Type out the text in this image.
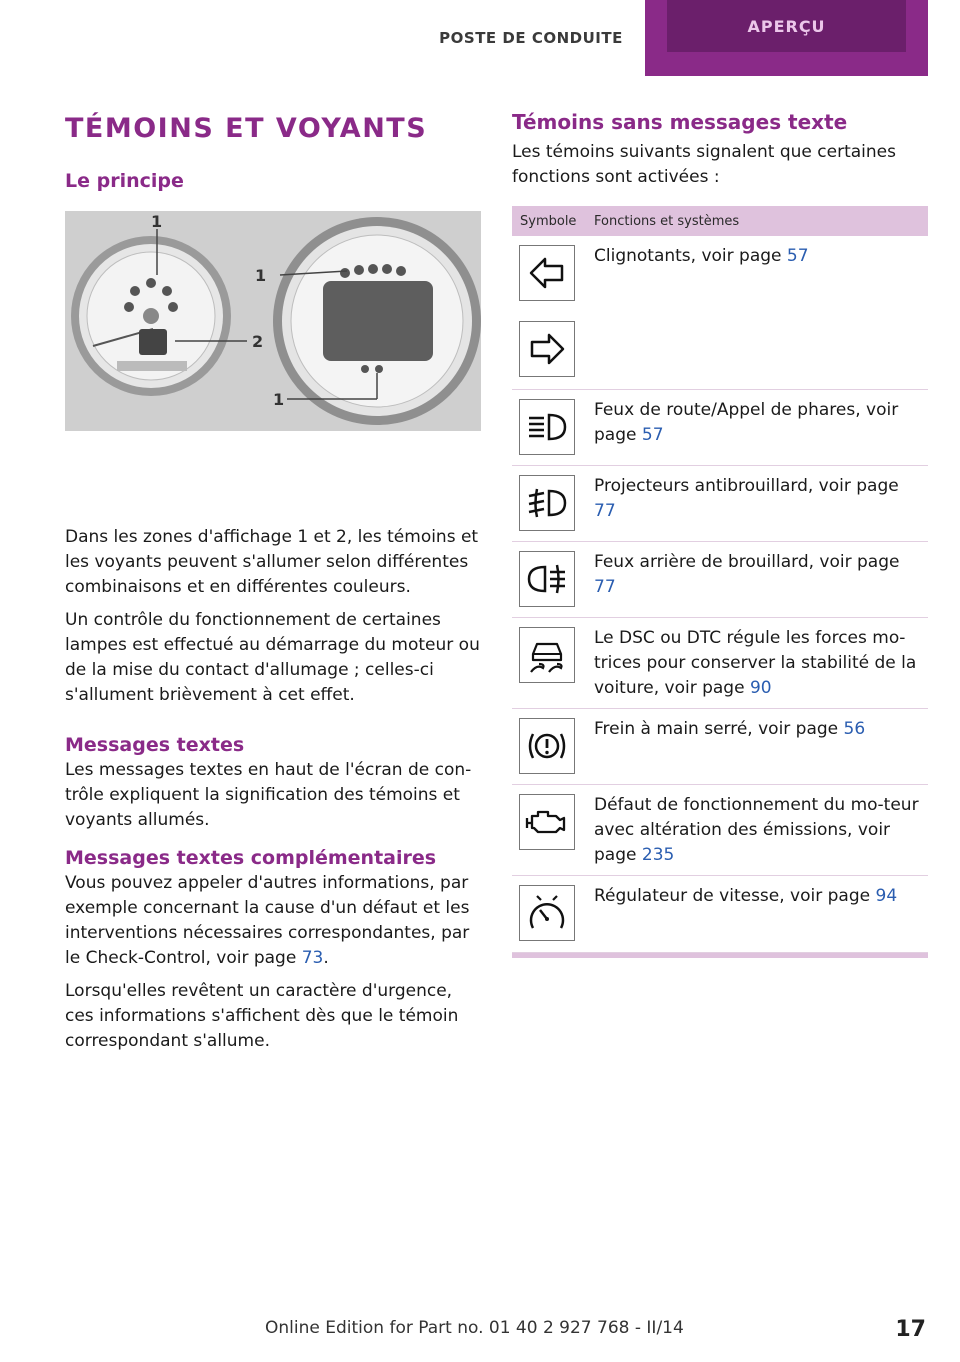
POSTE DE CONDUITE
APERÇU
TÉMOINS ET VOYANTS
Le principe
1
1
2
1

Dans les zones d'affichage 1 et 2, les témoins et les voyants peuvent s'allumer selon différentes combinaisons et en différentes couleurs.

Un contrôle du fonctionnement de certaines lampes est effectué au démarrage du moteur ou de la mise du contact d'allumage ; celles-ci s'allument brièvement à cet effet.

Messages textes

Les messages textes en haut de l'écran de con‐trôle expliquent la signification des témoins et voyants allumés.

Messages textes complémentaires

Vous pouvez appeler d'autres informations, par exemple concernant la cause d'un défaut et les interventions nécessaires correspondantes, par le Check-Control, voir page 73.

Lorsqu'elles revêtent un caractère d'urgence, ces informations s'affichent dès que le témoin correspondant s'allume.

Témoins sans messages texte

Les témoins suivants signalent que certaines fonctions sont activées :

Symbole	Fonctions et systèmes

	Clignotants, voir page 57

	Feux de route/Appel de phares, voir page 57

	Projecteurs antibrouillard, voir page 77

	Feux arrière de brouillard, voir page 77

	Le DSC ou DTC régule les forces mo‐trices pour conserver la stabilité de la voiture, voir page 90

	Frein à main serré, voir page 56

	Défaut de fonctionnement du mo‐teur avec altération des émissions, voir page 235

	Régulateur de vitesse, voir page 94
Online Edition for Part no. 01 40 2 927 768 - II/14	17
